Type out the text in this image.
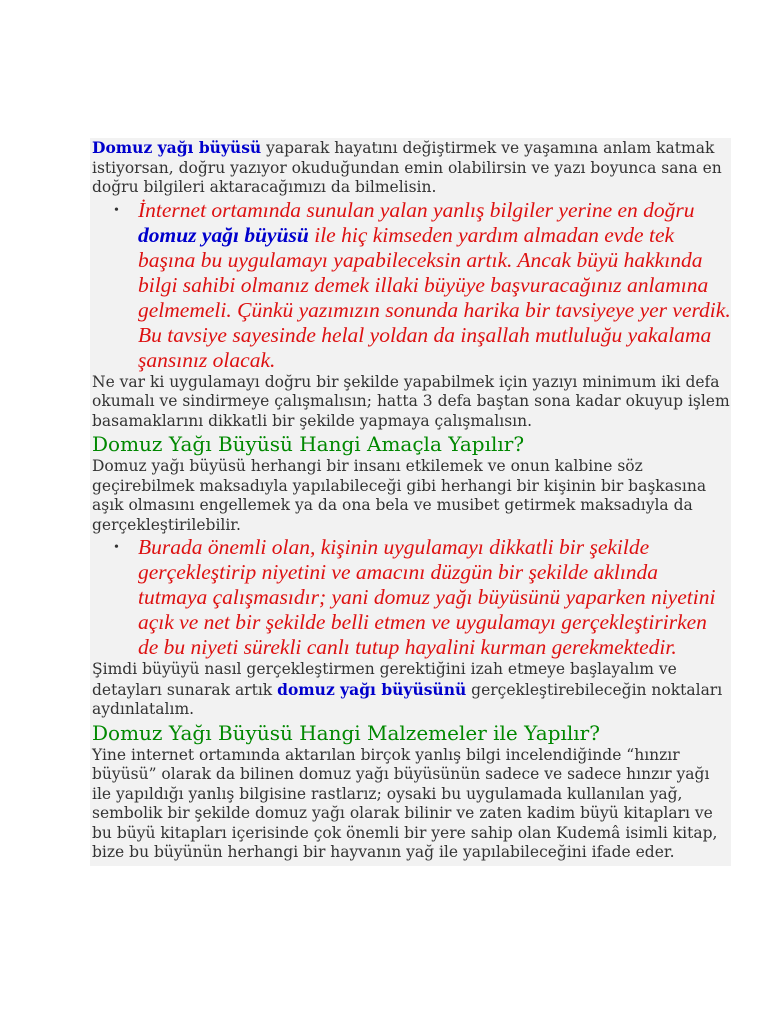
Domuz yağı büyüsü yaparak hayatını değiştirmek ve yaşamına anlam katmak istiyorsan, doğru yazıyor okuduğundan emin olabilirsin ve yazı boyunca sana en doğru bilgileri aktaracağımızı da bilmelisin.

• İnternet ortamında sunulan yalan yanlış bilgiler yerine en doğru domuz yağı büyüsü ile hiç kimseden yardım almadan evde tek başına bu uygulamayı yapabileceksin artık. Ancak büyü hakkında bilgi sahibi olmanız demek illaki büyüye başvuracağınız anlamına gelmemeli. Çünkü yazımızın sonunda harika bir tavsiyeye yer verdik. Bu tavsiye sayesinde helal yoldan da inşallah mutluluğu yakalama şansınız olacak.

Ne var ki uygulamayı doğru bir şekilde yapabilmek için yazıyı minimum iki defa okumalı ve sindirmeye çalışmalısın; hatta 3 defa baştan sona kadar okuyup işlem basamaklarını dikkatli bir şekilde yapmaya çalışmalısın.

Domuz Yağı Büyüsü Hangi Amaçla Yapılır?

Domuz yağı büyüsü herhangi bir insanı etkilemek ve onun kalbine söz geçirebilmek maksadıyla yapılabileceği gibi herhangi bir kişinin bir başkasına aşık olmasını engellemek ya da ona bela ve musibet getirmek maksadıyla da gerçekleştirilebilir.

• Burada önemli olan, kişinin uygulamayı dikkatli bir şekilde gerçekleştirip niyetini ve amacını düzgün bir şekilde aklında tutmaya çalışmasıdır; yani domuz yağı büyüsünü yaparken niyetini açık ve net bir şekilde belli etmen ve uygulamayı gerçekleştirirken de bu niyeti sürekli canlı tutup hayalini kurman gerekmektedir.

Şimdi büyüyü nasıl gerçekleştirmen gerektiğini izah etmeye başlayalım ve detayları sunarak artık domuz yağı büyüsünü gerçekleştirebileceğin noktaları aydınlatalım.

Domuz Yağı Büyüsü Hangi Malzemeler ile Yapılır?

Yine internet ortamında aktarılan birçok yanlış bilgi incelendiğinde “hınzır büyüsü” olarak da bilinen domuz yağı büyüsünün sadece ve sadece hınzır yağı ile yapıldığı yanlış bilgisine rastlarız; oysaki bu uygulamada kullanılan yağ, sembolik bir şekilde domuz yağı olarak bilinir ve zaten kadim büyü kitapları ve bu büyü kitapları içerisinde çok önemli bir yere sahip olan Kudemâ isimli kitap, bize bu büyünün herhangi bir hayvanın yağ ile yapılabileceğini ifade eder.
